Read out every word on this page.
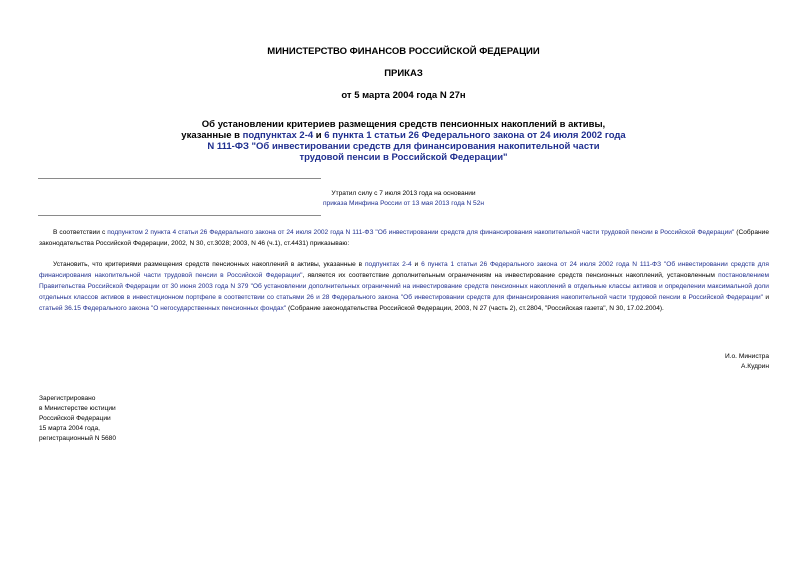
МИНИСТЕРСТВО ФИНАНСОВ РОССИЙСКОЙ ФЕДЕРАЦИИ
ПРИКАЗ
от 5 марта 2004 года N 27н
Об установлении критериев размещения средств пенсионных накоплений в активы,
указанные в подпунктах 2-4 и 6 пункта 1 статьи 26 Федерального закона от 24 июля 2002 года
N 111-ФЗ "Об инвестировании средств для финансирования накопительной части
трудовой пенсии в Российской Федерации"
Утратил силу с 7 июля 2013 года на основании
приказа Минфина России от 13 мая 2013 года N 52н
В соответствии с подпунктом 2 пункта 4 статьи 26 Федерального закона от 24 июля 2002 года N 111-ФЗ "Об инвестировании средств для финансирования накопительной части трудовой пенсии в Российской Федерации" (Собрание законодательства Российской Федерации, 2002, N 30, ст.3028; 2003, N 46 (ч.1), ст.4431) приказываю:
Установить, что критериями размещения средств пенсионных накоплений в активы, указанные в подпунктах 2-4 и 6 пункта 1 статьи 26 Федерального закона от 24 июля 2002 года N 111-ФЗ "Об инвестировании средств для финансирования накопительной части трудовой пенсии в Российской Федерации", является их соответствие дополнительным ограничениям на инвестирование средств пенсионных накоплений, установленным постановлением Правительства Российской Федерации от 30 июня 2003 года N 379 "Об установлении дополнительных ограничений на инвестирование средств пенсионных накоплений в отдельные классы активов и определении максимальной доли отдельных классов активов в инвестиционном портфеле в соответствии со статьями 26 и 28 Федерального закона "Об инвестировании средств для финансирования накопительной части трудовой пенсии в Российской Федерации" и статьей 36.15 Федерального закона "О негосударственных пенсионных фондах" (Собрание законодательства Российской Федерации, 2003, N 27 (часть 2), ст.2804, "Российская газета", N 30, 17.02.2004).
И.о. Министра
А.Кудрин
Зарегистрировано
в Министерстве юстиции
Российской Федерации
15 марта 2004 года,
регистрационный N 5680
